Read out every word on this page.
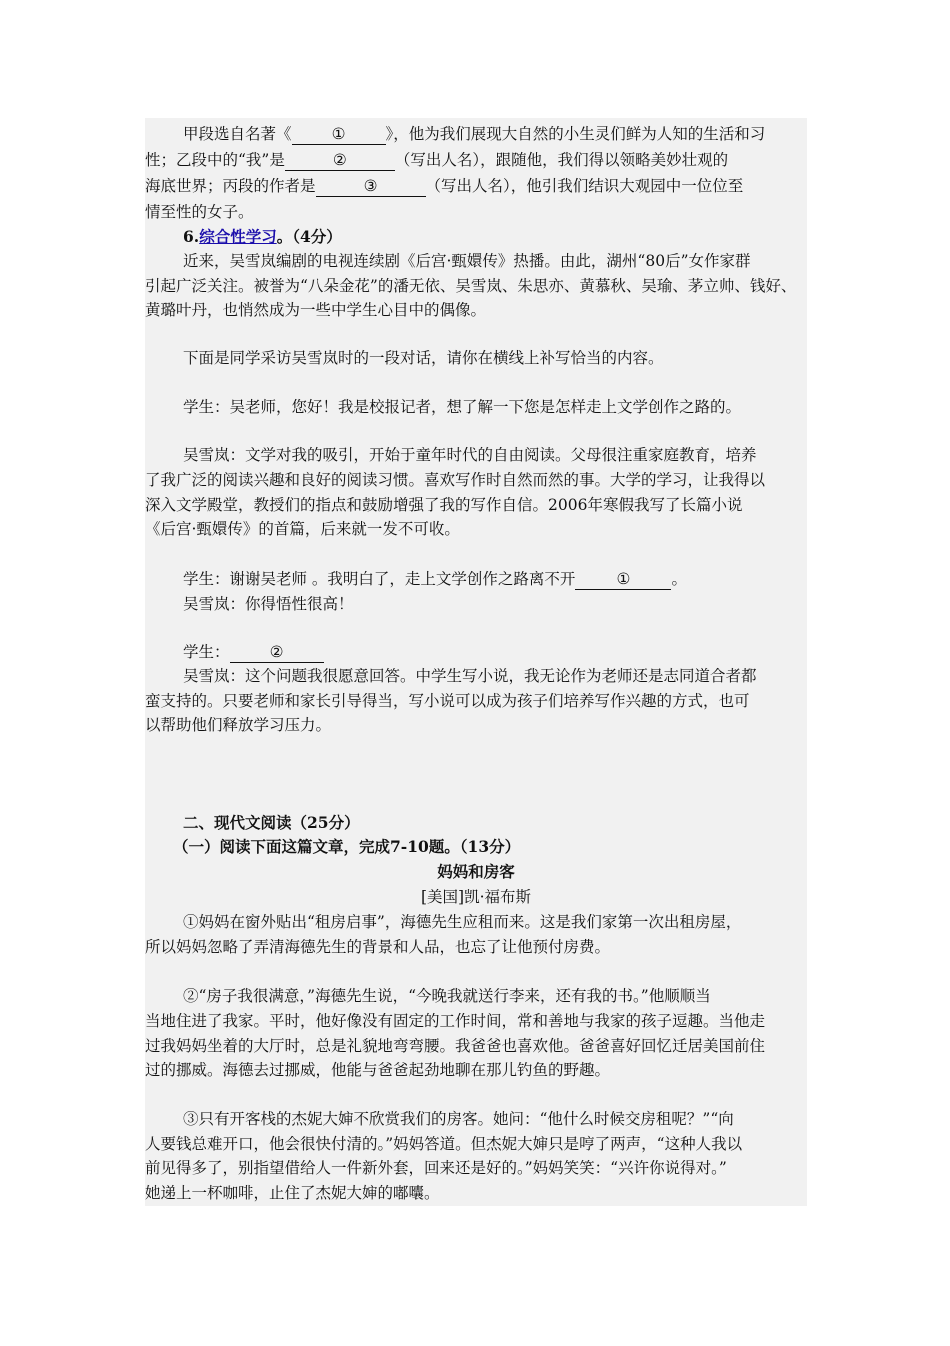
甲段选自名著《	①	》，他为我们展现大自然的小生灵们鲜为人知的生活和习

性；乙段中的“我”是	②	（写出人名），跟随他，我们得以领略美妙壮观的

海底世界；丙段的作者是	③	（写出人名），他引我们结识大观园中一位位至

情至性的女子。

6.综合性学习。（4分）

近来，吴雪岚编剧的电视连续剧《后宫·甄嬛传》热播。由此，湖州“80后”女作家群

引起广泛关注。被誉为“八朵金花”的潘无依、吴雪岚、朱思亦、黄慕秋、吴瑜、茅立帅、钱好、

黄璐叶丹，也悄然成为一些中学生心目中的偶像。

下面是同学采访吴雪岚时的一段对话，请你在横线上补写恰当的内容。

学生：吴老师，您好！我是校报记者，想了解一下您是怎样走上文学创作之路的。

吴雪岚：文学对我的吸引，开始于童年时代的自由阅读。父母很注重家庭教育，培养

了我广泛的阅读兴趣和良好的阅读习惯。喜欢写作时自然而然的事。大学的学习，让我得以

深入文学殿堂，教授们的指点和鼓励增强了我的写作自信。2006年寒假我写了长篇小说

《后宫·甄嬛传》的首篇，后来就一发不可收。

学生：谢谢吴老师 。我明白了，走上文学创作之路离不开	①	。

吴雪岚：你得悟性很高！

学生：	②

吴雪岚：这个问题我很愿意回答。中学生写小说，我无论作为老师还是志同道合者都

蛮支持的。只要老师和家长引导得当，写小说可以成为孩子们培养写作兴趣的方式，也可

以帮助他们释放学习压力。

二、现代文阅读（25分）

（一）阅读下面这篇文章，完成7-10题。（13分）

妈妈和房客

[美国]凯·福布斯

①妈妈在窗外贴出“租房启事”，海德先生应租而来。这是我们家第一次出租房屋，

所以妈妈忽略了弄清海德先生的背景和人品，也忘了让他预付房费。

②“房子我很满意，”海德先生说，“今晚我就送行李来，还有我的书。”他顺顺当

当地住进了我家。平时，他好像没有固定的工作时间，常和善地与我家的孩子逗趣。当他走

过我妈妈坐着的大厅时，总是礼貌地弯弯腰。我爸爸也喜欢他。爸爸喜好回忆迁居美国前住

过的挪威。海德去过挪威，他能与爸爸起劲地聊在那儿钓鱼的野趣。

③只有开客栈的杰妮大婶不欣赏我们的房客。她问：“他什么时候交房租呢？”“向

人要钱总难开口，他会很快付清的。”妈妈答道。但杰妮大婶只是哼了两声，“这种人我以

前见得多了，别指望借给人一件新外套，回来还是好的。”妈妈笑笑：“兴许你说得对。”

她递上一杯咖啡，止住了杰妮大婶的嘟囔。
